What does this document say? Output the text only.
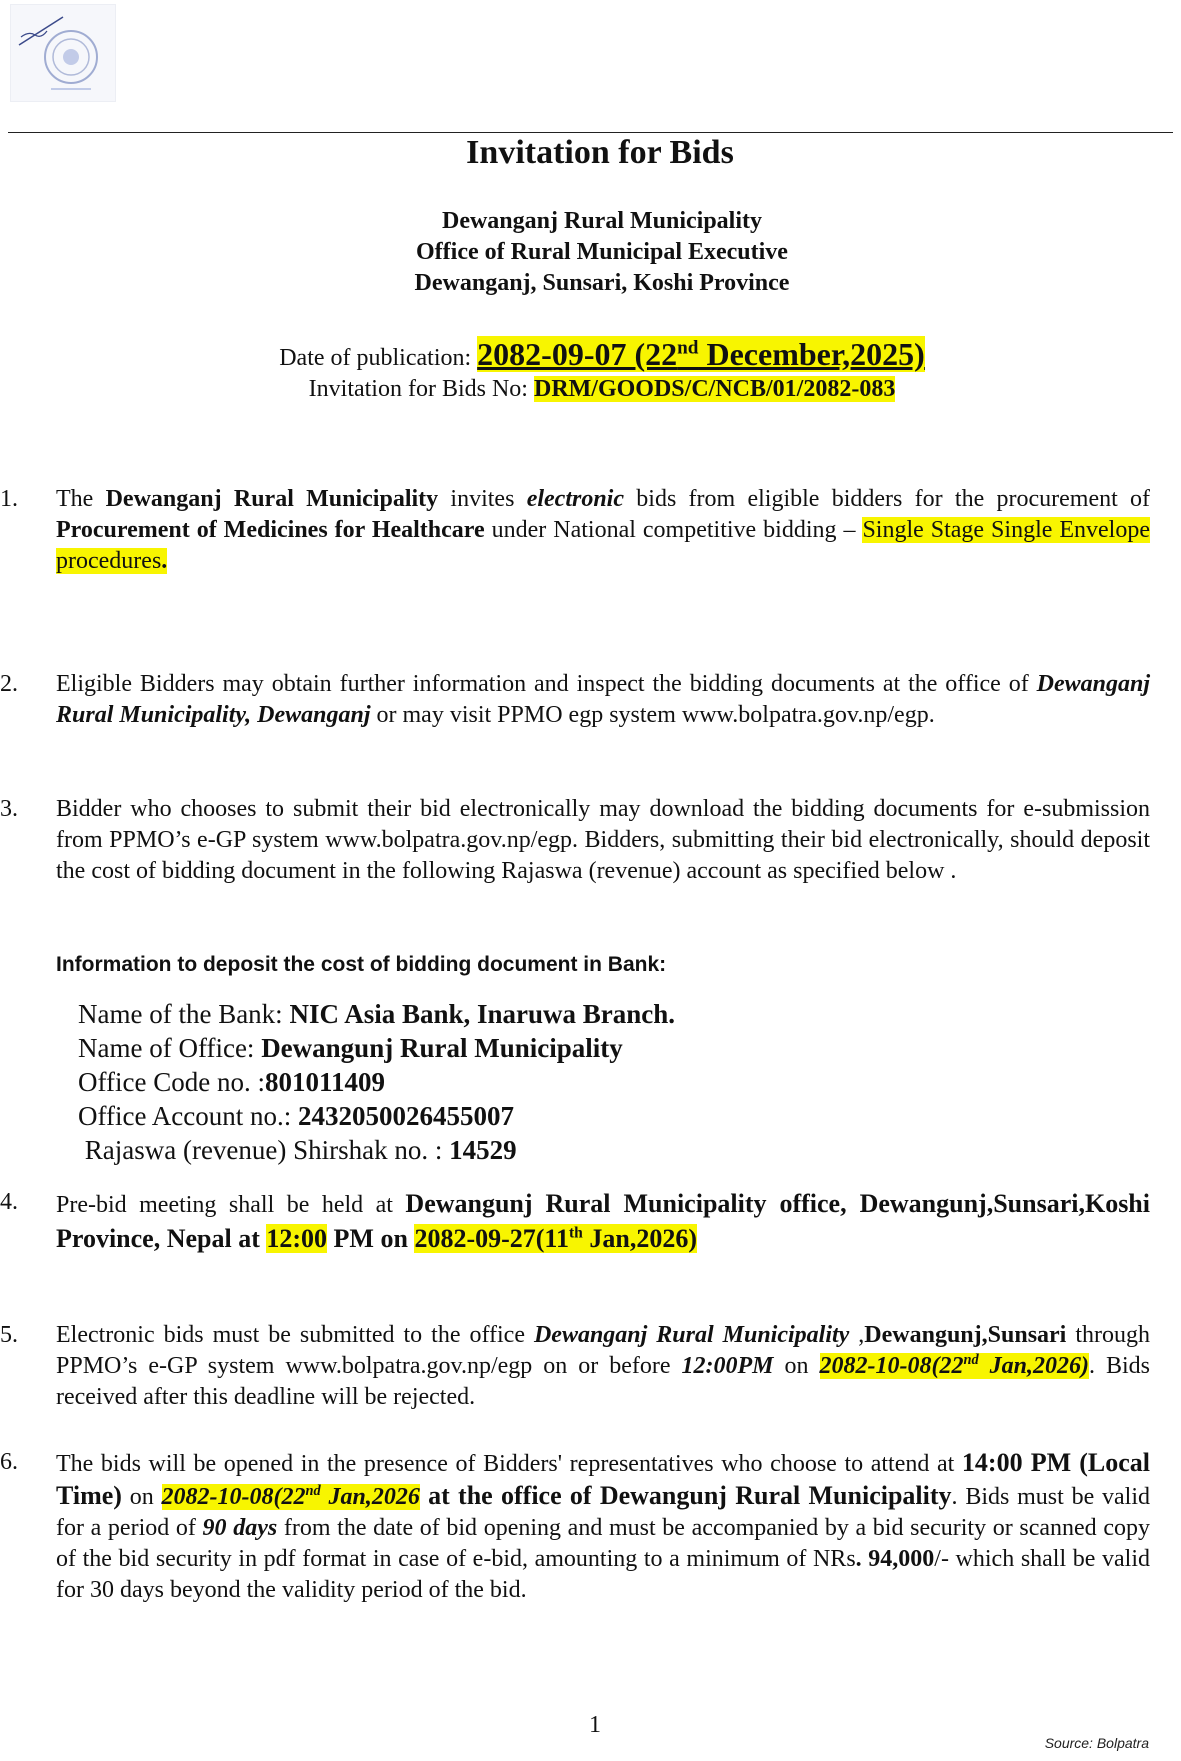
Invitation for Bids
Dewanganj Rural Municipality
Office of Rural Municipal Executive
Dewanganj, Sunsari, Koshi Province
Date of publication: 2082-09-07 (22nd December,2025)
Invitation for Bids No: DRM/GOODS/C/NCB/01/2082-083
1. The Dewanganj Rural Municipality invites electronic bids from eligible bidders for the procurement of Procurement of Medicines for Healthcare under National competitive bidding – Single Stage Single Envelope procedures.
2. Eligible Bidders may obtain further information and inspect the bidding documents at the office of Dewanganj Rural Municipality, Dewanganj or may visit PPMO egp system www.bolpatra.gov.np/egp.
3. Bidder who chooses to submit their bid electronically may download the bidding documents for e-submission from PPMO’s e-GP system www.bolpatra.gov.np/egp. Bidders, submitting their bid electronically, should deposit the cost of bidding document in the following Rajaswa (revenue) account as specified below .
Information to deposit the cost of bidding document in Bank:
Name of the Bank: NIC Asia Bank, Inaruwa Branch.
Name of Office: Dewangunj Rural Municipality
Office Code no. :801011409
Office Account no.: 2432050026455007
Rajaswa (revenue) Shirshak no. : 14529
4. Pre-bid meeting shall be held at Dewangunj Rural Municipality office, Dewangunj,Sunsari,Koshi Province, Nepal at 12:00 PM on 2082-09-27(11th Jan,2026)
5. Electronic bids must be submitted to the office Dewanganj Rural Municipality ,Dewangunj,Sunsari through PPMO’s e-GP system www.bolpatra.gov.np/egp on or before 12:00PM on 2082-10-08(22nd Jan,2026). Bids received after this deadline will be rejected.
6. The bids will be opened in the presence of Bidders' representatives who choose to attend at 14:00 PM (Local Time) on 2082-10-08(22nd Jan,2026 at the office of Dewangunj Rural Municipality. Bids must be valid for a period of 90 days from the date of bid opening and must be accompanied by a bid security or scanned copy of the bid security in pdf format in case of e-bid, amounting to a minimum of NRs. 94,000/- which shall be valid for 30 days beyond the validity period of the bid.
1
Source: Bolpatra
